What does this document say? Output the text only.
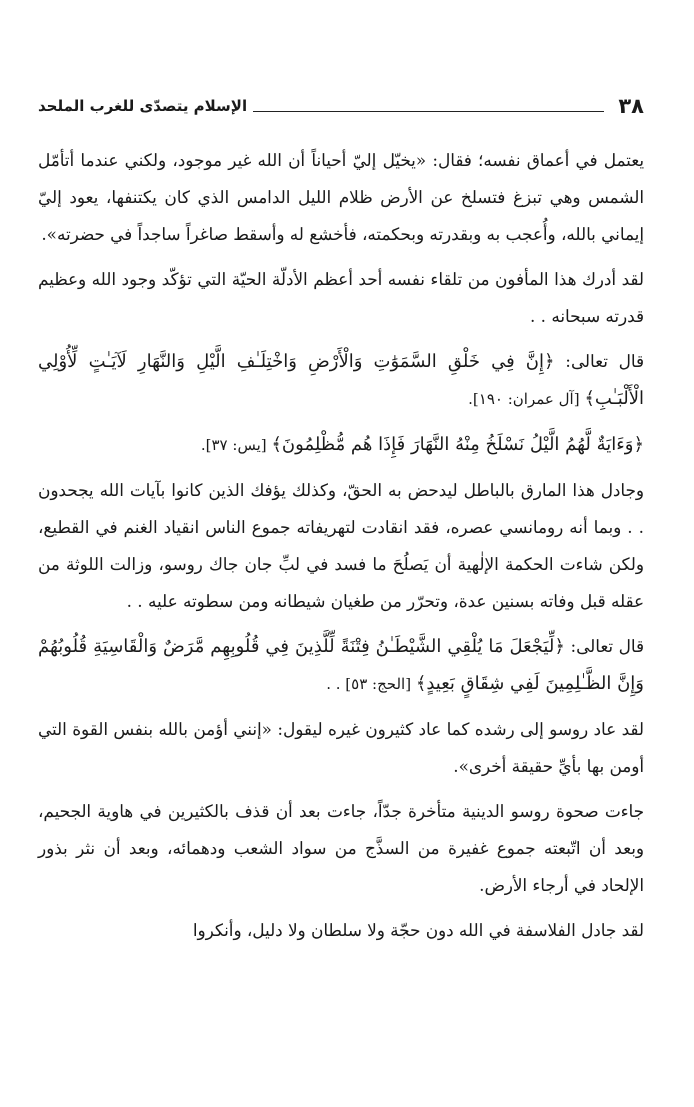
٣٨
الإسلام يتصدّى للغرب الملحد

يعتمل في أعماق نفسه؛ فقال: «يخيّل إليّ أحياناً أن الله غير موجود، ولكني عندما أتأمّل الشمس وهي تبزغ فتسلخ عن الأرض ظلام الليل الدامس الذي كان يكتنفها، يعود إليّ إيماني بالله، وأُعجب به وبقدرته وبحكمته، فأخشع له وأسقط صاغراً ساجداً في حضرته».

لقد أدرك هذا المأفون من تلقاء نفسه أحد أعظم الأدلّة الحيّة التي تؤكّد وجود الله وعظيم قدرته سبحانه . .

قال تعالى: ﴿إِنَّ فِي خَلْقِ السَّمَوَٰتِ وَالْأَرْضِ وَاخْتِلَـٰفِ الَّيْلِ وَالنَّهَارِ لَآيَـٰتٍ لِّأُوْلِي الْأَلْبَـٰبِ﴾ [آل عمران: ١٩٠].

﴿وَءَايَةٌ لَّهُمُ الَّيْلُ نَسْلَخُ مِنْهُ النَّهَارَ فَإِذَا هُم مُّظْلِمُونَ﴾ [يس: ٣٧].

وجادل هذا المارق بالباطل ليدحض به الحقّ، وكذلك يؤفك الذين كانوا بآيات الله يجحدون . . وبما أنه رومانسي عصره، فقد انقادت لتهريفاته جموع الناس انقياد الغنم في القطيع، ولكن شاءت الحكمة الإلٰهية أن يَصلُحَ ما فسد في لبِّ جان جاك روسو، وزالت اللوثة من عقله قبل وفاته بسنين عدة، وتحرّر من طغيان شيطانه ومن سطوته عليه . .

قال تعالى: ﴿لِّيَجْعَلَ مَا يُلْقِي الشَّيْطَـٰنُ فِتْنَةً لِّلَّذِينَ فِي قُلُوبِهِم مَّرَضٌ وَالْقَاسِيَةِ قُلُوبُهُمْ وَإِنَّ الظَّـٰلِمِينَ لَفِي شِقَاقٍ بَعِيدٍ﴾ [الحج: ٥٣] . .

لقد عاد روسو إلى رشده كما عاد كثيرون غيره ليقول: «إنني أؤمن بالله بنفس القوة التي أومن بها بأيِّ حقيقة أخرى».

جاءت صحوة روسو الدينية متأخرة جدّاً، جاءت بعد أن قذف بالكثيرين في هاوية الجحيم، وبعد أن اتّبعته جموع غفيرة من السذَّج من سواد الشعب ودهمائه، وبعد أن نثر بذور الإلحاد في أرجاء الأرض.

لقد جادل الفلاسفة في الله دون حجّة ولا سلطان ولا دليل، وأنكروا
